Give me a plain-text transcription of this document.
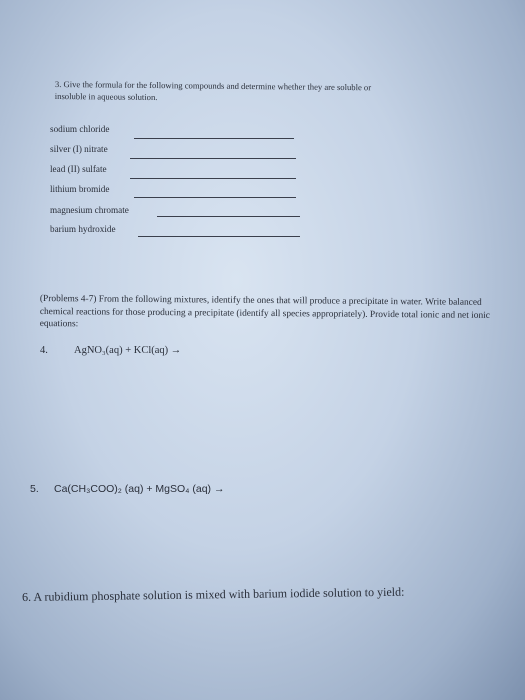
3. Give the formula for the following compounds and determine whether they are soluble or
insoluble in aqueous solution.
sodium chloride
silver (I) nitrate
lead (II) sulfate
lithium bromide
magnesium chromate
barium hydroxide
(Problems 4-7) From the following mixtures, identify the ones that will produce a precipitate in water. Write balanced chemical reactions for those producing a precipitate (identify all species appropriately). Provide total ionic and net ionic equations:
4. AgNO₃(aq) + KCl(aq) →
5. Ca(CH₃COO)₂ (aq) + MgSO₄ (aq) →
6. A rubidium phosphate solution is mixed with barium iodide solution to yield:
